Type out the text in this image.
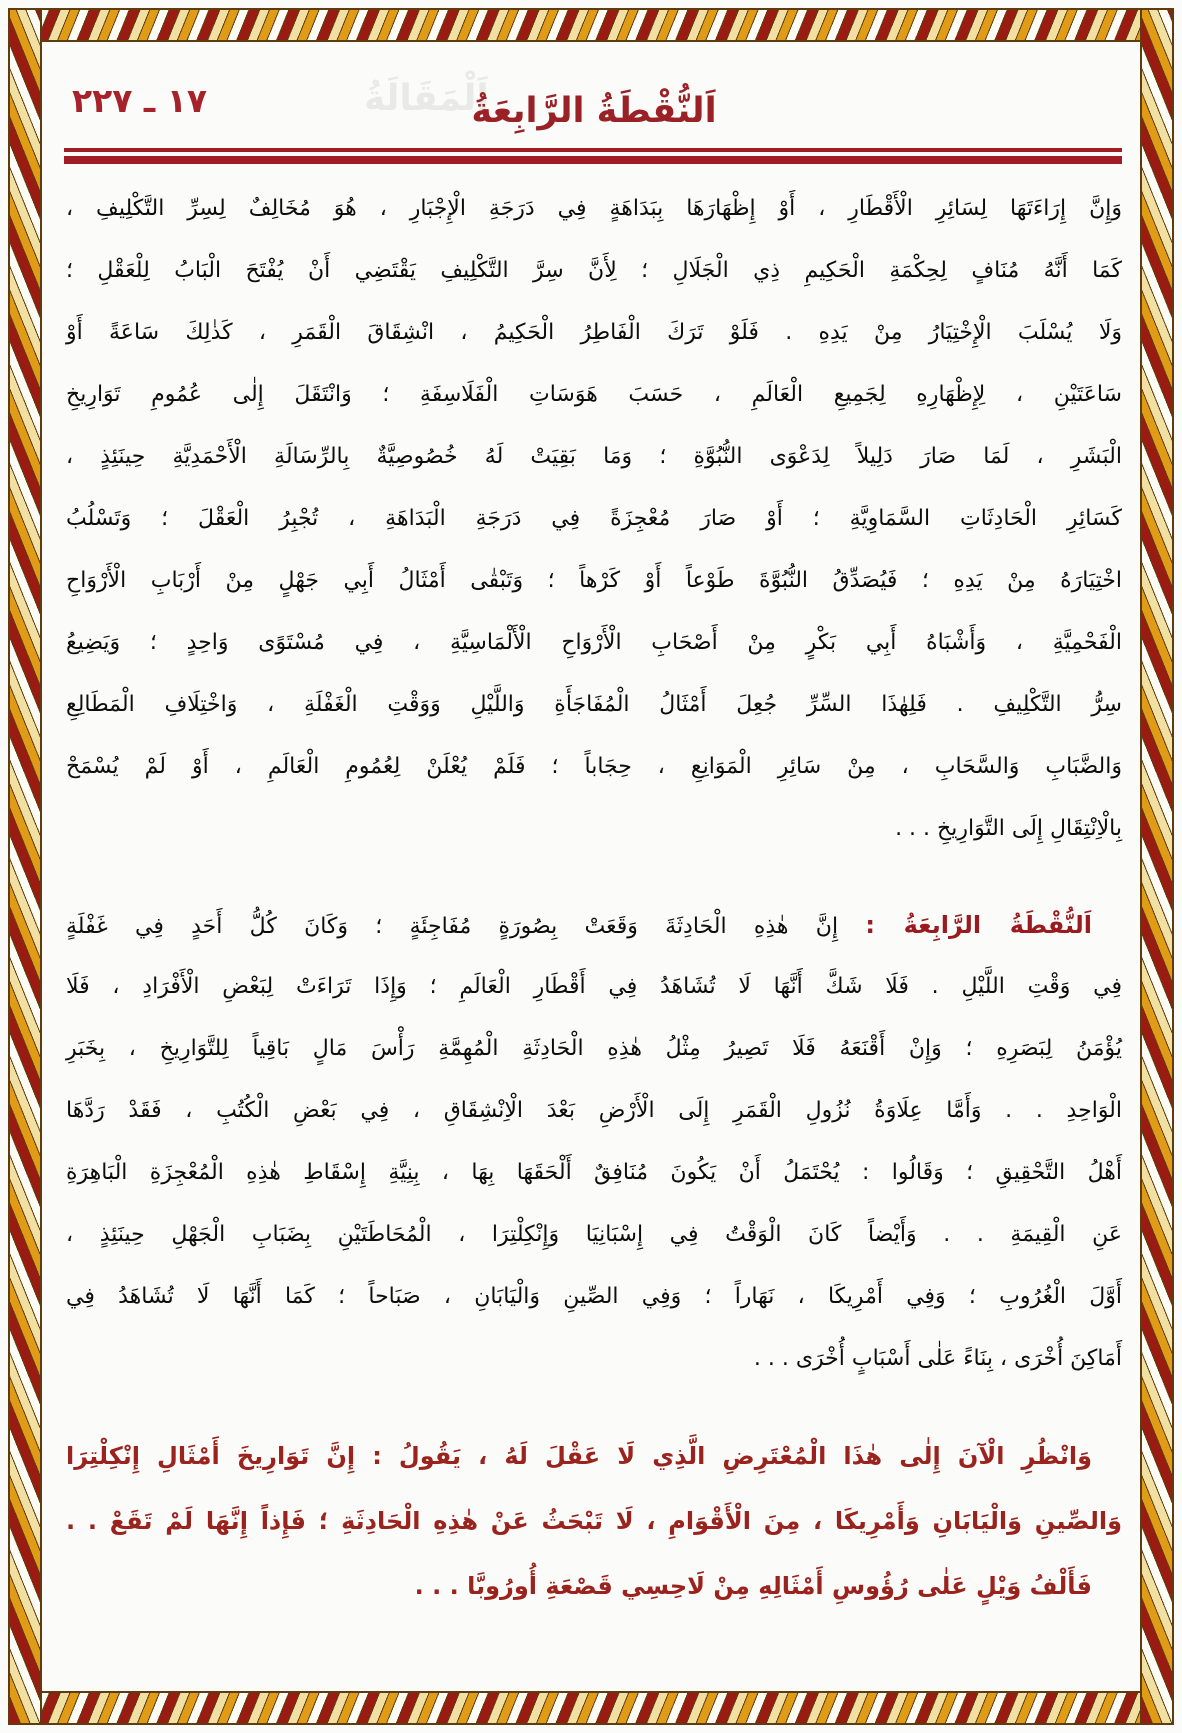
١٧ ـ ٢٢٧	اَلْمَقَالَةُ
اَلنُّقْطَةُ الرَّابِعَةُ
وَإِنَّ إِرَاءَتَهَا لِسَائِرِ الْأَقْطَارِ ، أَوْ إِظْهَارَهَا بِبَدَاهَةٍ فِي دَرَجَةِ الْإِجْبَارِ ، هُوَ مُخَالِفٌ لِسِرِّ التَّكْلِيفِ ،
كَمَا أَنَّهُ مُنَافٍ لِحِكْمَةِ الْحَكِيمِ ذِي الْجَلَالِ ؛ لِأَنَّ سِرَّ التَّكْلِيفِ يَقْتَضِي أَنْ يُفْتَحَ الْبَابُ لِلْعَقْلِ ؛
وَلَا يُسْلَبَ الْإِخْتِيَارُ مِنْ يَدِهِ . فَلَوْ تَرَكَ الْفَاطِرُ الْحَكِيمُ ، انْشِقَاقَ الْقَمَرِ ، كَذٰلِكَ سَاعَةً أَوْ
سَاعَتَيْنِ ، لِإِظْهَارِهِ لِجَمِيعِ الْعَالَمِ ، حَسَبَ هَوَسَاتِ الْفَلَاسِفَةِ ؛ وَانْتَقَلَ إِلٰى عُمُومِ تَوَارِيخِ
الْبَشَرِ ، لَمَا صَارَ دَلِيلاً لِدَعْوَى النُّبُوَّةِ ؛ وَمَا بَقِيَتْ لَهُ خُصُوصِيَّةٌ بِالرِّسَالَةِ الْأَحْمَدِيَّةِ حِينَئِذٍ ،
كَسَائِرِ الْحَادِثَاتِ السَّمَاوِيَّةِ ؛ أَوْ صَارَ مُعْجِزَةً فِي دَرَجَةِ الْبَدَاهَةِ ، تُجْبِرُ الْعَقْلَ ؛ وَتَسْلُبُ
اخْتِيَارَهُ مِنْ يَدِهِ ؛ فَيُصَدِّقُ النُّبُوَّةَ طَوْعاً أَوْ كَرْهاً ؛ وَتَبْقٰى أَمْثَالُ أَبِي جَهْلٍ مِنْ أَرْبَابِ الْأَرْوَاحِ
الْفَحْمِيَّةِ ، وَأَشْبَاهُ أَبِي بَكْرٍ مِنْ أَصْحَابِ الْأَرْوَاحِ الْأَلْمَاسِيَّةِ ، فِي مُسْتَوًى وَاحِدٍ ؛ وَيَضِيعُ
سِرُّ التَّكْلِيفِ . فَلِهٰذَا السِّرِّ جُعِلَ أَمْثَالُ الْمُفَاجَأَةِ وَاللَّيْلِ وَوَقْتِ الْغَفْلَةِ ، وَاخْتِلَافِ الْمَطَالِعِ
وَالضَّبَابِ وَالسَّحَابِ ، مِنْ سَائِرِ الْمَوَانِعِ ، حِجَاباً ؛ فَلَمْ يُعْلَنْ لِعُمُومِ الْعَالَمِ ، أَوْ لَمْ يُسْمَحْ
بِالْاِنْتِقَالِ إِلَى التَّوَارِيخِ . . .
اَلنُّقْطَةُ الرَّابِعَةُ : إِنَّ هٰذِهِ الْحَادِثَةَ وَقَعَتْ بِصُورَةٍ مُفَاجِئَةٍ ؛ وَكَانَ كُلُّ أَحَدٍ فِي غَفْلَةٍ
فِي وَقْتِ اللَّيْلِ . فَلَا شَكَّ أَنَّهَا لَا تُشَاهَدُ فِي أَقْطَارِ الْعَالَمِ ؛ وَإِذَا تَرَاءَتْ لِبَعْضِ الْأَفْرَادِ ، فَلَا
يُؤْمَنُ لِبَصَرِهِ ؛ وَإِنْ أَقْنَعَهُ فَلَا تَصِيرُ مِثْلُ هٰذِهِ الْحَادِثَةِ الْمُهِمَّةِ رَأْسَ مَالٍ بَاقِياً لِلتَّوَارِيخِ ، بِخَبَرِ
الْوَاحِدِ . . وَأَمَّا عِلَاوَةُ نُزُولِ الْقَمَرِ إِلَى الْأَرْضِ بَعْدَ الْاِنْشِقَاقِ ، فِي بَعْضِ الْكُتُبِ ، فَقَدْ رَدَّهَا
أَهْلُ التَّحْقِيقِ ؛ وَقَالُوا : يُحْتَمَلُ أَنْ يَكُونَ مُنَافِقٌ أَلْحَقَهَا بِهَا ، بِنِيَّةِ إِسْقَاطِ هٰذِهِ الْمُعْجِزَةِ الْبَاهِرَةِ
عَنِ الْقِيمَةِ . . وَأَيْضاً كَانَ الْوَقْتُ فِي إِسْبَانِيَا وَإِنْكِلْتِرَا ، الْمُحَاطَتَيْنِ بِضَبَابِ الْجَهْلِ حِينَئِذٍ ،
أَوَّلَ الْغُرُوبِ ؛ وَفِي أَمْرِيكَا ، نَهَاراً ؛ وَفِي الصِّينِ وَالْيَابَانِ ، صَبَاحاً ؛ كَمَا أَنَّهَا لَا تُشَاهَدُ فِي
أَمَاكِنَ أُخْرَى ، بِنَاءً عَلٰى أَسْبَابٍ أُخْرَى . . .
وَانْظُرِ الْآنَ إِلٰى هٰذَا الْمُعْتَرِضِ الَّذِي لَا عَقْلَ لَهُ ، يَقُولُ : إِنَّ تَوَارِيخَ أَمْثَالِ إِنْكِلْتِرَا
وَالصِّينِ وَالْيَابَانِ وَأَمْرِيكَا ، مِنَ الْأَقْوَامِ ، لَا تَبْحَثُ عَنْ هٰذِهِ الْحَادِثَةِ ؛ فَإِذاً إِنَّهَا لَمْ تَقَعْ . .
فَأَلْفُ وَيْلٍ عَلٰى رُؤُوسِ أَمْثَالِهِ مِنْ لَاحِسِي قَصْعَةِ أُورُوبَّا . . .
